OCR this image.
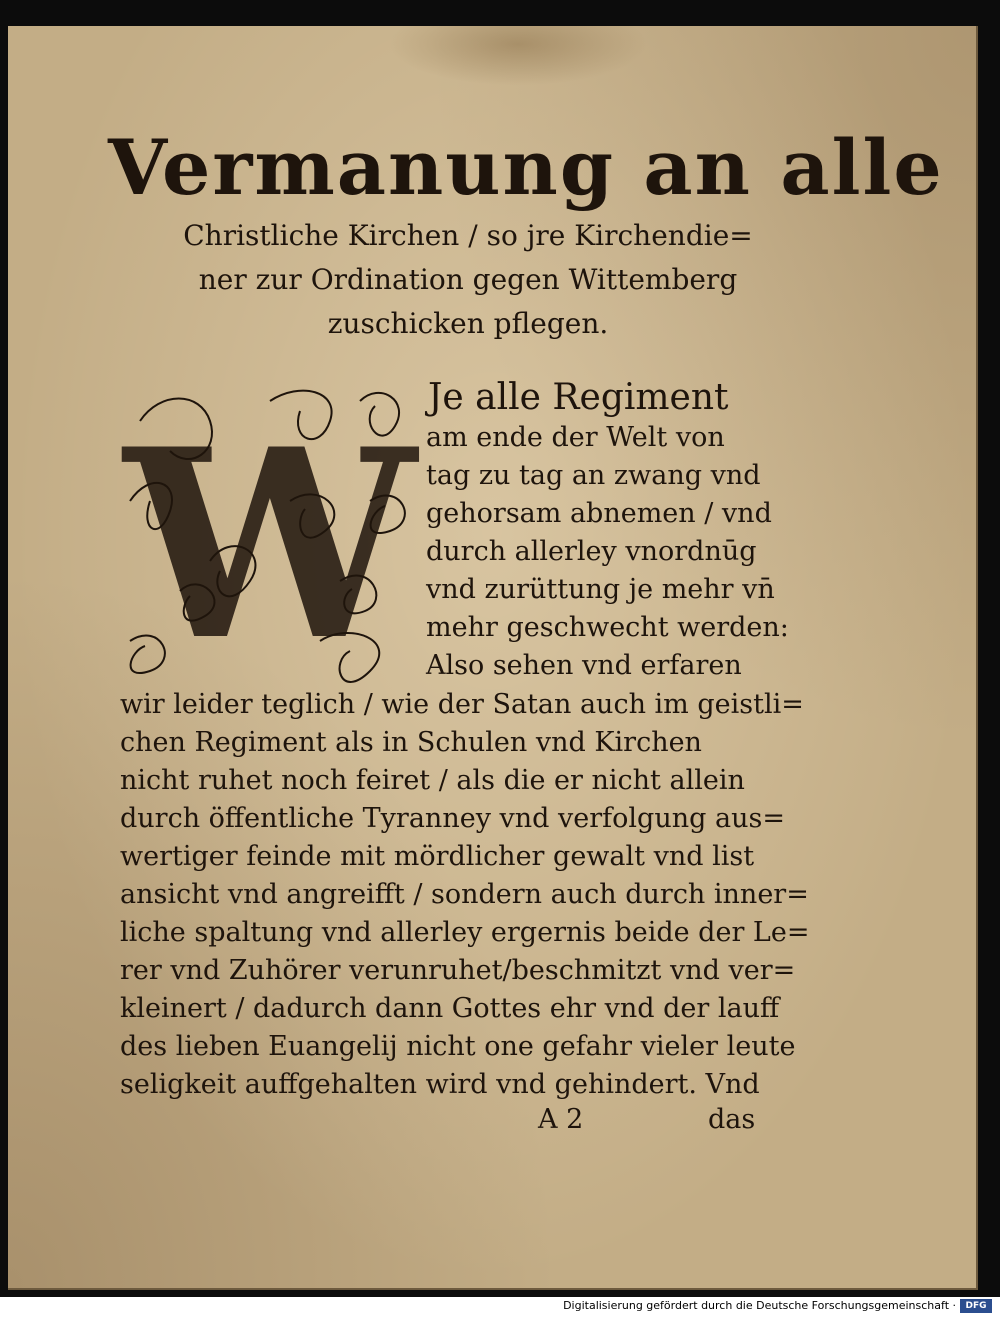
Vermanung an alle
Christliche Kirchen / so jre Kirchendie=
ner zur Ordination gegen Wittemberg
zuschicken pflegen.
W Je alle Regiment
am ende der Welt von
tag zu tag an zwang vnd
gehorsam abnemen / vnd
durch allerley vnordnūg
vnd zurüttung je mehr vn̄
mehr geschwecht werden:
Also sehen vnd erfaren
wir leider teglich / wie der Satan auch im geistli=
chen Regiment als in Schulen vnd Kirchen
nicht ruhet noch feiret / als die er nicht allein
durch öffentliche Tyranney vnd verfolgung aus=
wertiger feinde mit mördlicher gewalt vnd list
ansicht vnd angreifft / sondern auch durch inner=
liche spaltung vnd allerley ergernis beide der Le=
rer vnd Zuhörer verunruhet/beschmitzt vnd ver=
kleinert / dadurch dann Gottes ehr vnd der lauff
des lieben Euangelij nicht one gefahr vieler leute
seligkeit auffgehalten wird vnd gehindert. Vnd
A 2	das
Digitalisierung gefördert durch die Deutsche Forschungsgemeinschaft ·	DFG
